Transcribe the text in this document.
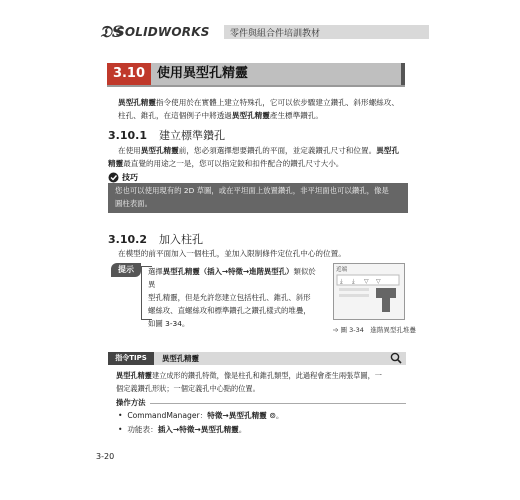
𝔇S
SOLIDWORKS 零件與組合件培訓教材
3.10 使用異型孔精靈
異型孔精靈指令使用於在實體上建立特殊孔，它可以依步驟建立鑽孔、斜形螺絲攻、
柱孔、錐孔，在這個例子中將透過異型孔精靈產生標準鑽孔。
3.10.1 建立標準鑽孔
在使用異型孔精靈前，您必須選擇想要鑽孔的平面，並定義鑽孔尺寸和位置。異型孔
精靈最直覺的用途之一是，您可以指定鉸和扣件配合的鑽孔尺寸大小。
技巧
您也可以使用現有的 2D 草圖，或在平坦面上放置鑽孔，非平坦面也可以鑽孔，像是
圓柱表面。
3.10.2 加入柱孔
在模型的前平面加入一個柱孔，並加入限制條件定位孔中心的位置。
提示	選擇異型孔精靈（插入→特徵→進階異型孔）類似於異
型孔精靈，但是允許您建立包括柱孔、錐孔、斜形
螺絲攻、直螺絲攻和標準鑽孔之鑽孔樣式的堆疊，
如圖 3-34。
近端
⤓ ⤓ ▽ ▽
➩ 圖 3-34　進階異型孔堆疊
指令TIPS	異型孔精靈
異型孔精靈建立成形的鑽孔特徵，像是柱孔和錐孔類型，此過程會產生兩張草圖，一
個定義鑽孔形狀；一個定義孔中心點的位置。
操作方法
•  CommandManager：特徵→異型孔精靈 ⊚。
•  功能表：插入→特徵→異型孔精靈。
3-20
